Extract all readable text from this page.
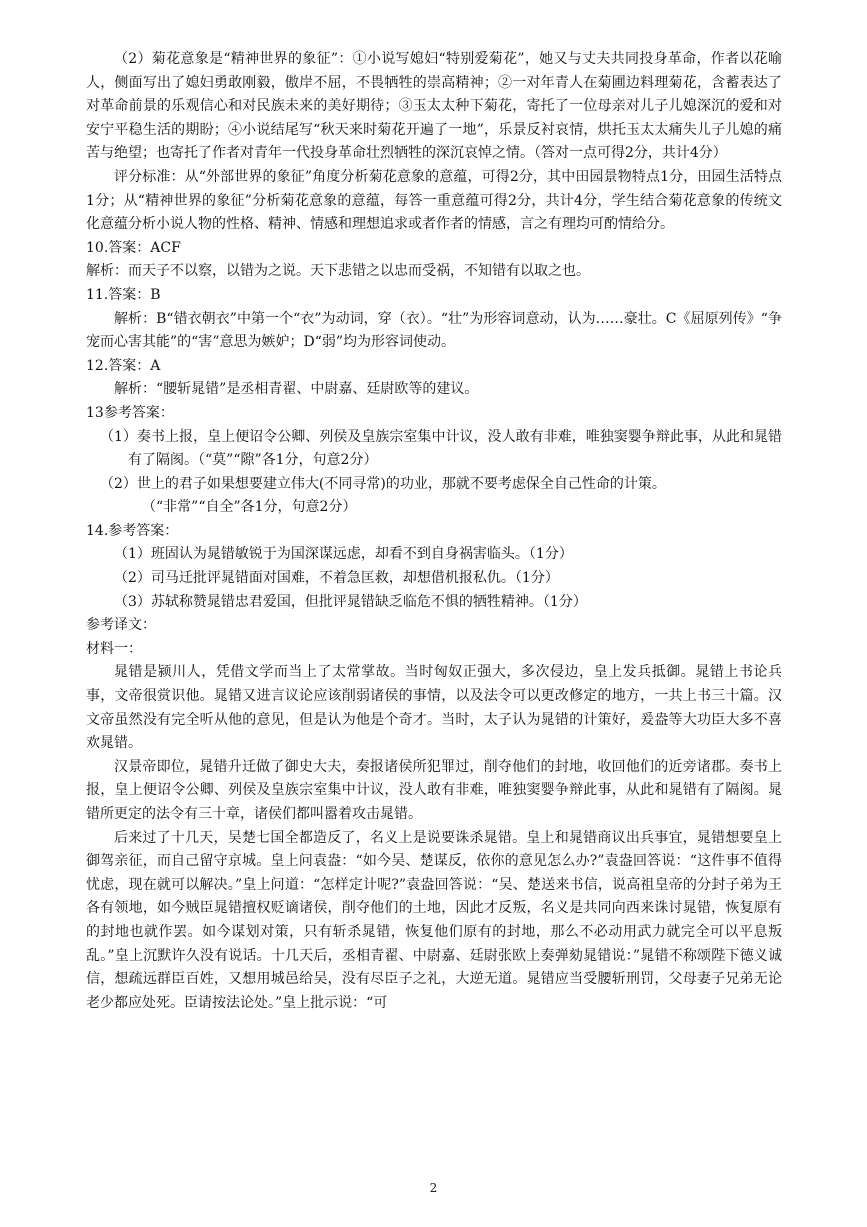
（2）菊花意象是“精神世界的象征”：①小说写媳妇“特别爱菊花”，她又与丈夫共同投身革命，作者以花喻人，侧面写出了媳妇勇敢刚毅，傲岸不屈，不畏牺牲的崇高精神；②一对年青人在菊圃边料理菊花，含蓄表达了对革命前景的乐观信心和对民族未来的美好期待；③玉太太种下菊花，寄托了一位母亲对儿子儿媳深沉的爱和对安宁平稳生活的期盼；④小说结尾写“秋天来时菊花开遍了一地”，乐景反衬哀情，烘托玉太太痛失儿子儿媳的痛苦与绝望；也寄托了作者对青年一代投身革命壮烈牺牲的深沉哀悼之情。（答对一点可得2分，共计4分）

评分标准：从“外部世界的象征”角度分析菊花意象的意蕴，可得2分，其中田园景物特点1分，田园生活特点1分；从“精神世界的象征”分析菊花意象的意蕴，每答一重意蕴可得2分，共计4分，学生结合菊花意象的传统文化意蕴分析小说人物的性格、精神、情感和理想追求或者作者的情感，言之有理均可酌情给分。

10.答案：ACF

解析：而天子不以察，以错为之说。天下悲错之以忠而受祸，不知错有以取之也。

11.答案：B

解析：B“错衣朝衣”中第一个“衣”为动词，穿（衣）。“壮”为形容词意动，认为……豪壮。C《屈原列传》“争宠而心害其能”的“害”意思为嫉妒；D“弱”均为形容词使动。

12.答案：A

解析：“腰斩晁错”是丞相青翟、中尉嘉、廷尉欧等的建议。

13参考答案：

（1）奏书上报，皇上便诏令公卿、列侯及皇族宗室集中计议，没人敢有非难，唯独窦婴争辩此事，从此和晁错有了隔阂。（“莫”“隙”各1分，句意2分）

（2）世上的君子如果想要建立伟大(不同寻常)的功业，那就不要考虑保全自己性命的计策。

（“非常”“自全”各1分，句意2分）

14.参考答案：

（1）班固认为晁错敏锐于为国深谋远虑，却看不到自身祸害临头。（1分）

（2）司马迁批评晁错面对国难，不着急匡救，却想借机报私仇。（1分）

（3）苏轼称赞晁错忠君爱国，但批评晁错缺乏临危不惧的牺牲精神。（1分）

参考译文：

材料一：

晁错是颍川人，凭借文学而当上了太常掌故。当时匈奴正强大，多次侵边，皇上发兵抵御。晁错上书论兵事，文帝很赏识他。晁错又进言议论应该削弱诸侯的事情，以及法令可以更改修定的地方，一共上书三十篇。汉文帝虽然没有完全听从他的意见，但是认为他是个奇才。当时，太子认为晁错的计策好，爰盎等大功臣大多不喜欢晁错。

汉景帝即位，晁错升迁做了御史大夫，奏报诸侯所犯罪过，削夺他们的封地，收回他们的近旁诸郡。奏书上报，皇上便诏令公卿、列侯及皇族宗室集中计议，没人敢有非难，唯独窦婴争辩此事，从此和晁错有了隔阂。晁错所更定的法令有三十章，诸侯们都叫嚣着攻击晁错。

后来过了十几天，吴楚七国全都造反了，名义上是说要诛杀晁错。皇上和晁错商议出兵事宜，晁错想要皇上御驾亲征，而自己留守京城。皇上问袁盎：“如今吴、楚谋反，依你的意见怎么办?”袁盎回答说：“这件事不值得忧虑，现在就可以解决。”皇上问道：“怎样定计呢?”袁盎回答说：“吴、楚送来书信，说高祖皇帝的分封子弟为王各有领地，如今贼臣晁错擅权贬谪诸侯，削夺他们的土地，因此才反叛，名义是共同向西来诛讨晁错，恢复原有的封地也就作罢。如今谋划对策，只有斩杀晁错，恢复他们原有的封地，那么不必动用武力就完全可以平息叛乱。”皇上沉默许久没有说话。十几天后，丞相青翟、中尉嘉、廷尉张欧上奏弹劾晁错说：”晁错不称颂陛下德义诚信，想疏远群臣百姓，又想用城邑给吴，没有尽臣子之礼，大逆无道。晁错应当受腰斩刑罚，父母妻子兄弟无论老少都应处死。臣请按法论处。”皇上批示说：“可

2
